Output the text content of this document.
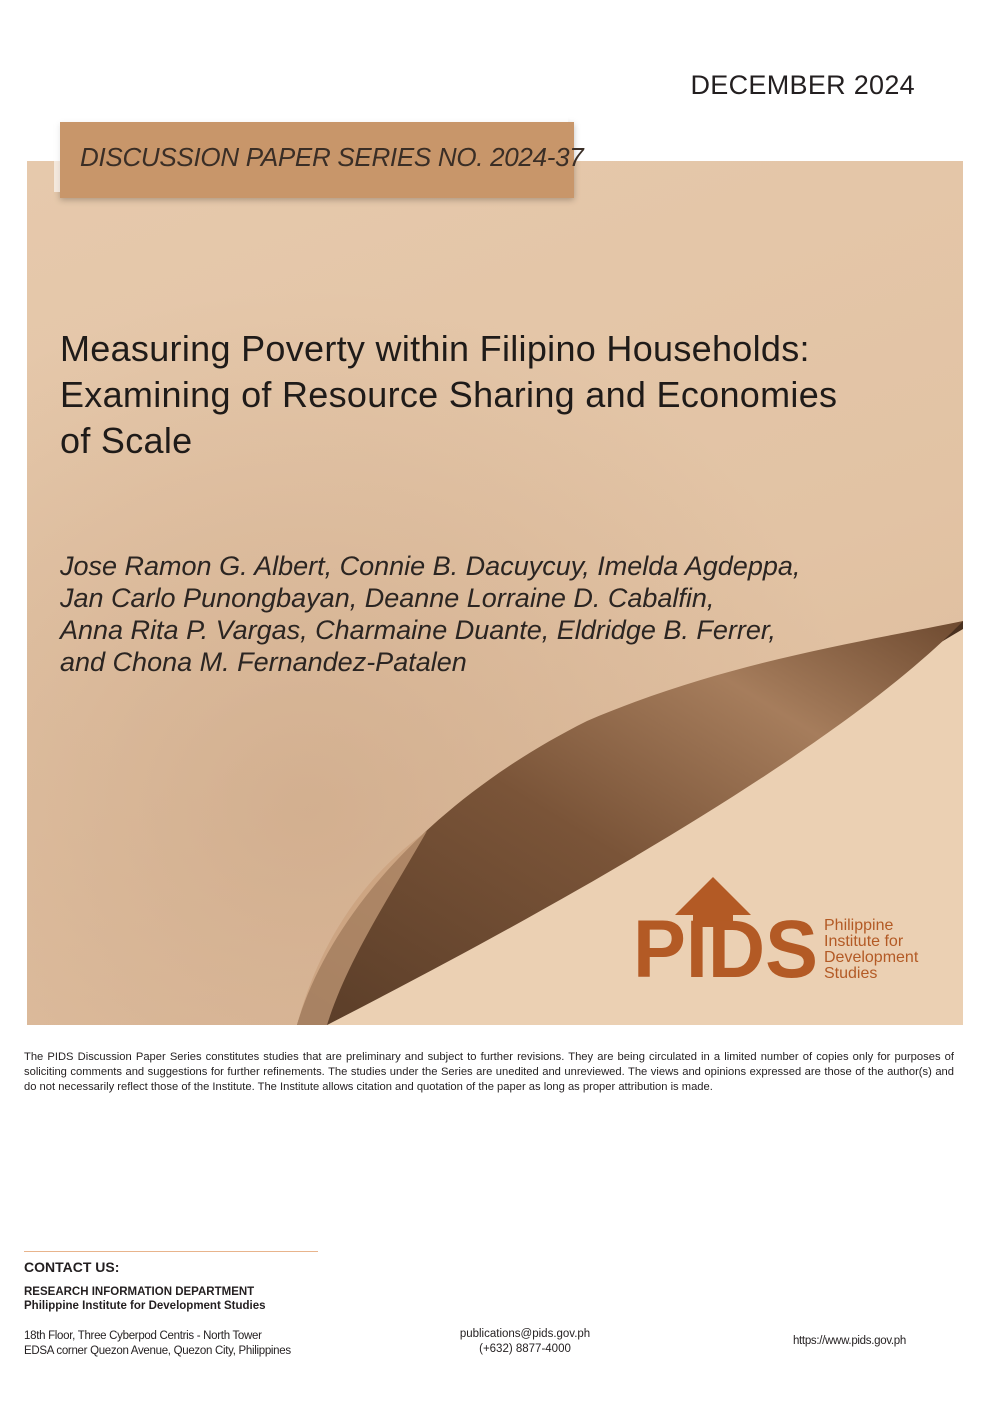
DECEMBER 2024
DISCUSSION PAPER SERIES NO. 2024-37
Measuring Poverty within Filipino Households:
Examining of Resource Sharing and Economies
of Scale
Jose Ramon G. Albert, Connie B. Dacuycuy, Imelda Agdeppa,
Jan Carlo Punongbayan, Deanne Lorraine D. Cabalfin,
Anna Rita P. Vargas, Charmaine Duante, Eldridge B. Ferrer,
and Chona M. Fernandez-Patalen
PIDS Philippine
Institute for
Development
Studies
The PIDS Discussion Paper Series constitutes studies that are preliminary and subject to further revisions. They are being circulated in a limited number of copies only for purposes of soliciting comments and suggestions for further refinements. The studies under the Series are unedited and unreviewed. The views and opinions expressed are those of the author(s) and do not necessarily reflect those of the Institute. The Institute allows citation and quotation of the paper as long as proper attribution is made.
CONTACT US:
RESEARCH INFORMATION DEPARTMENT
Philippine Institute for Development Studies
18th Floor, Three Cyberpod Centris - North Tower
EDSA corner Quezon Avenue, Quezon City, Philippines
publications@pids.gov.ph
(+632) 8877-4000
https://www.pids.gov.ph
